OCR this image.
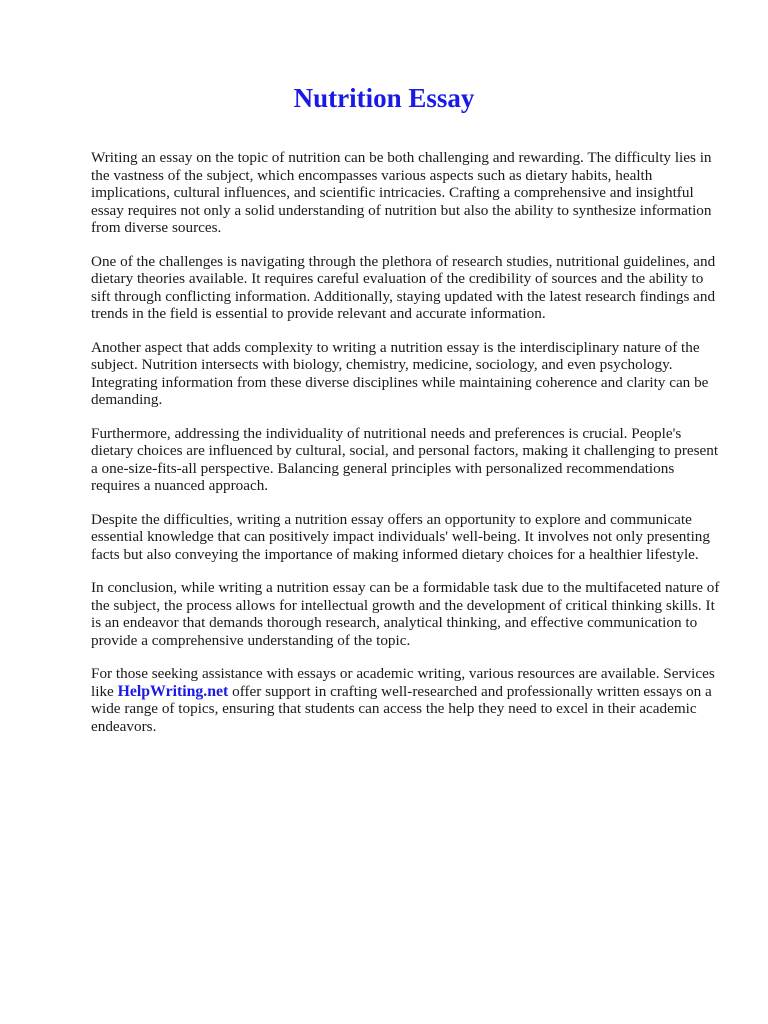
Nutrition Essay

Writing an essay on the topic of nutrition can be both challenging and rewarding. The difficulty lies in the vastness of the subject, which encompasses various aspects such as dietary habits, health implications, cultural influences, and scientific intricacies. Crafting a comprehensive and insightful essay requires not only a solid understanding of nutrition but also the ability to synthesize information from diverse sources.

One of the challenges is navigating through the plethora of research studies, nutritional guidelines, and dietary theories available. It requires careful evaluation of the credibility of sources and the ability to sift through conflicting information. Additionally, staying updated with the latest research findings and trends in the field is essential to provide relevant and accurate information.

Another aspect that adds complexity to writing a nutrition essay is the interdisciplinary nature of the subject. Nutrition intersects with biology, chemistry, medicine, sociology, and even psychology. Integrating information from these diverse disciplines while maintaining coherence and clarity can be demanding.

Furthermore, addressing the individuality of nutritional needs and preferences is crucial. People's dietary choices are influenced by cultural, social, and personal factors, making it challenging to present a one-size-fits-all perspective. Balancing general principles with personalized recommendations requires a nuanced approach.

Despite the difficulties, writing a nutrition essay offers an opportunity to explore and communicate essential knowledge that can positively impact individuals' well-being. It involves not only presenting facts but also conveying the importance of making informed dietary choices for a healthier lifestyle.

In conclusion, while writing a nutrition essay can be a formidable task due to the multifaceted nature of the subject, the process allows for intellectual growth and the development of critical thinking skills. It is an endeavor that demands thorough research, analytical thinking, and effective communication to provide a comprehensive understanding of the topic.

For those seeking assistance with essays or academic writing, various resources are available. Services like HelpWriting.net offer support in crafting well-researched and professionally written essays on a wide range of topics, ensuring that students can access the help they need to excel in their academic endeavors.
